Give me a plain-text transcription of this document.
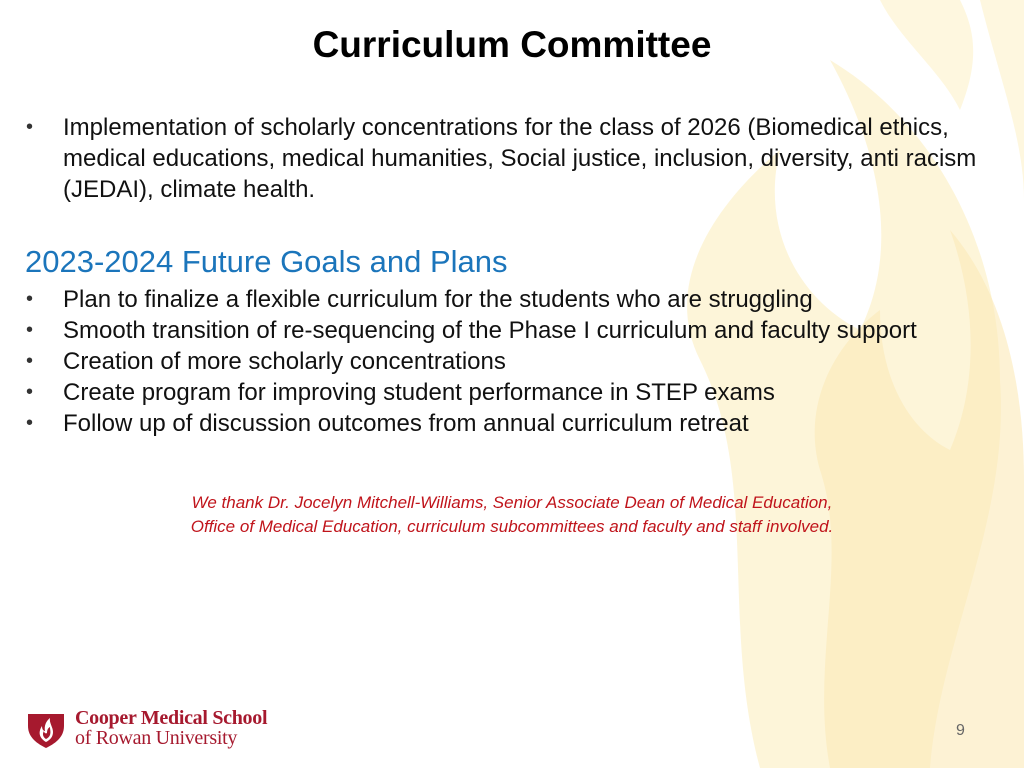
Curriculum Committee
• Implementation of scholarly concentrations for the class of 2026 (Biomedical ethics, medical educations, medical humanities, Social justice, inclusion, diversity, anti racism (JEDAI), climate health.
2023-2024 Future Goals and Plans
• Plan to finalize a flexible curriculum for the students who are struggling
• Smooth transition of re-sequencing of the Phase I curriculum and faculty support
• Creation of more scholarly concentrations
• Create program for improving student performance in STEP exams
• Follow up of discussion outcomes from annual curriculum retreat
We thank Dr. Jocelyn Mitchell-Williams, Senior Associate Dean of Medical Education,
Office of Medical Education, curriculum subcommittees and faculty and staff involved.
Cooper Medical School
of Rowan University	9
